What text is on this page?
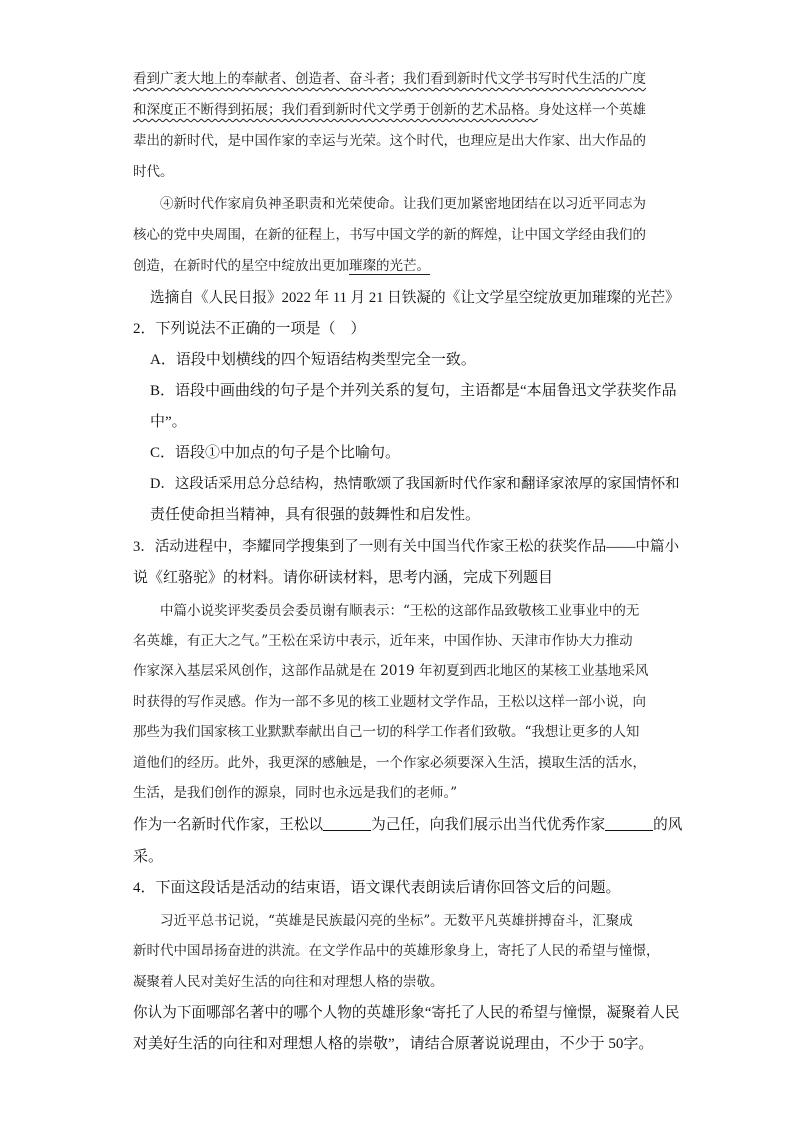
看到广袤大地上的奉献者、创造者、奋斗者；我们看到新时代文学书写时代生活的广度
和深度正不断得到拓展；我们看到新时代文学勇于创新的艺术品格。身处这样一个英雄
辈出的新时代，是中国作家的幸运与光荣。这个时代，也理应是出大作家、出大作品的
时代。
④新时代作家肩负神圣职责和光荣使命。让我们更加紧密地团结在以习近平同志为
核心的党中央周围，在新的征程上，书写中国文学的新的辉煌，让中国文学经由我们的
创造，在新时代的星空中绽放出更加璀璨的光芒。
选摘自《人民日报》2022 年 11 月 21 日铁凝的《让文学星空绽放更加璀璨的光芒》
2．下列说法不正确的一项是（　）
A．语段中划横线的四个短语结构类型完全一致。
B．语段中画曲线的句子是个并列关系的复句，主语都是“本届鲁迅文学获奖作品
中”。
C．语段①中加点的句子是个比喻句。
D．这段话采用总分总结构，热情歌颂了我国新时代作家和翻译家浓厚的家国情怀和
责任使命担当精神，具有很强的鼓舞性和启发性。
3．活动进程中，李耀同学搜集到了一则有关中国当代作家王松的获奖作品——中篇小
说《红骆驼》的材料。请你研读材料，思考内涵，完成下列题目
中篇小说奖评奖委员会委员谢有顺表示：“王松的这部作品致敬核工业事业中的无
名英雄，有正大之气。”王松在采访中表示，近年来，中国作协、天津市作协大力推动
作家深入基层采风创作，这部作品就是在 2019 年初夏到西北地区的某核工业基地采风
时获得的写作灵感。作为一部不多见的核工业题材文学作品，王松以这样一部小说，向
那些为我们国家核工业默默奉献出自己一切的科学工作者们致敬。“我想让更多的人知
道他们的经历。此外，我更深的感触是，一个作家必须要深入生活，摸取生活的活水，
生活，是我们创作的源泉，同时也永远是我们的老师。”
作为一名新时代作家，王松以	为己任，向我们展示出当代优秀作家	的风
采。
4．下面这段话是活动的结束语，语文课代表朗读后请你回答文后的问题。
习近平总书记说，“英雄是民族最闪亮的坐标”。无数平凡英雄拼搏奋斗，汇聚成
新时代中国昂扬奋进的洪流。在文学作品中的英雄形象身上，寄托了人民的希望与憧憬，
凝聚着人民对美好生活的向往和对理想人格的崇敬。
你认为下面哪部名著中的哪个人物的英雄形象“寄托了人民的希望与憧憬，凝聚着人民
对美好生活的向往和对理想人格的崇敬”，请结合原著说说理由，不少于 50字。
